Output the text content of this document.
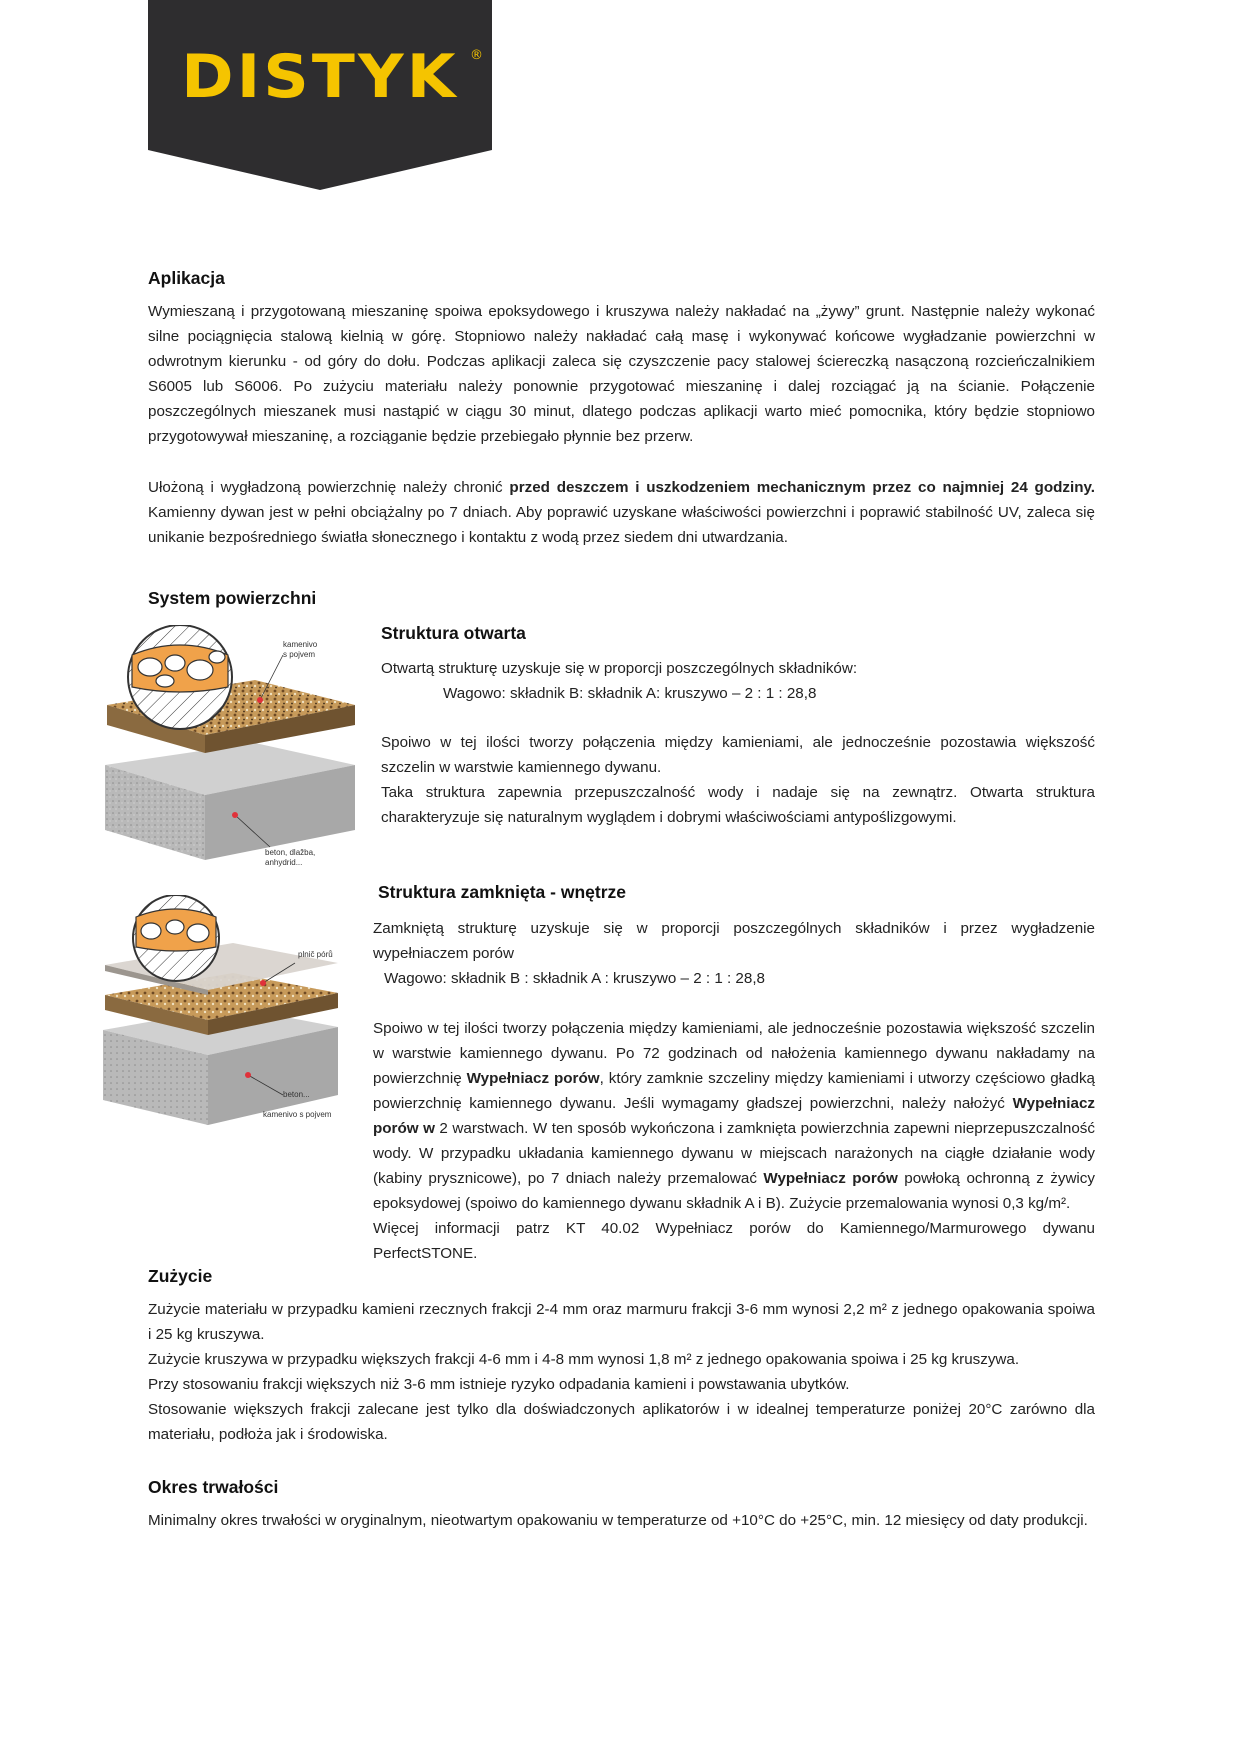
DISTYK ®
Aplikacja

Wymieszaną i przygotowaną mieszaninę spoiwa epoksydowego i kruszywa należy nakładać na „żywy” grunt. Następnie należy wykonać silne pociągnięcia stalową kielnią w górę. Stopniowo należy nakładać całą masę i wykonywać końcowe wygładzanie powierzchni w odwrotnym kierunku - od góry do dołu. Podczas aplikacji zaleca się czyszczenie pacy stalowej ściereczką nasączoną rozcieńczalnikiem S6005 lub S6006. Po zużyciu materiału należy ponownie przygotować mieszaninę i dalej rozciągać ją na ścianie. Połączenie poszczególnych mieszanek musi nastąpić w ciągu 30 minut, dlatego podczas aplikacji warto mieć pomocnika, który będzie stopniowo przygotowywał mieszaninę, a rozciąganie będzie przebiegało płynnie bez przerw.

Ułożoną i wygładzoną powierzchnię należy chronić przed deszczem i uszkodzeniem mechanicznym przez co najmniej 24 godziny. Kamienny dywan jest w pełni obciążalny po 7 dniach. Aby poprawić uzyskane właściwości powierzchni i poprawić stabilność UV, zaleca się unikanie bezpośredniego światła słonecznego i kontaktu z wodą przez siedem dni utwardzania.

System powierzchni
kamenivo
s pojvem
beton, dlažba,
anhydrid...
Struktura otwarta

Otwartą strukturę uzyskuje się w proporcji poszczególnych składników:

Wagowo: składnik B: składnik A: kruszywo – 2 : 1 : 28,8

Spoiwo w tej ilości tworzy połączenia między kamieniami, ale jednocześnie pozostawia większość szczelin w warstwie kamiennego dywanu.

Taka struktura zapewnia przepuszczalność wody i nadaje się na zewnątrz. Otwarta struktura charakteryzuje się naturalnym wyglądem i dobrymi właściwościami antypoślizgowymi.

plnič pórů
beton...
kamenivo s pojvem
Struktura zamknięta - wnętrze

Zamkniętą strukturę uzyskuje się w proporcji poszczególnych składników i przez wygładzenie wypełniaczem porów

Wagowo: składnik B : składnik A : kruszywo – 2 : 1 : 28,8

Spoiwo w tej ilości tworzy połączenia między kamieniami, ale jednocześnie pozostawia większość szczelin w warstwie kamiennego dywanu. Po 72 godzinach od nałożenia kamiennego dywanu nakładamy na powierzchnię Wypełniacz porów, który zamknie szczeliny między kamieniami i utworzy częściowo gładką powierzchnię kamiennego dywanu. Jeśli wymagamy gładszej powierzchni, należy nałożyć Wypełniacz porów w 2 warstwach. W ten sposób wykończona i zamknięta powierzchnia zapewni nieprzepuszczalność wody. W przypadku układania kamiennego dywanu w miejscach narażonych na ciągłe działanie wody (kabiny prysznicowe), po 7 dniach należy przemalować Wypełniacz porów powłoką ochronną z żywicy epoksydowej (spoiwo do kamiennego dywanu składnik A i B). Zużycie przemalowania wynosi 0,3 kg/m².
Więcej informacji patrz KT 40.02 Wypełniacz porów do Kamiennego/Marmurowego dywanu PerfectSTONE.

Zużycie

Zużycie materiału w przypadku kamieni rzecznych frakcji 2-4 mm oraz marmuru frakcji 3-6 mm wynosi 2,2 m² z jednego opakowania spoiwa i 25 kg kruszywa.
Zużycie kruszywa w przypadku większych frakcji 4-6 mm i 4-8 mm wynosi 1,8 m² z jednego opakowania spoiwa i 25 kg kruszywa.
Przy stosowaniu frakcji większych niż 3-6 mm istnieje ryzyko odpadania kamieni i powstawania ubytków.
Stosowanie większych frakcji zalecane jest tylko dla doświadczonych aplikatorów i w idealnej temperaturze poniżej 20°C zarówno dla materiału, podłoża jak i środowiska.

Okres trwałości

Minimalny okres trwałości w oryginalnym, nieotwartym opakowaniu w temperaturze od +10°C do +25°C, min. 12 miesięcy od daty produkcji.
